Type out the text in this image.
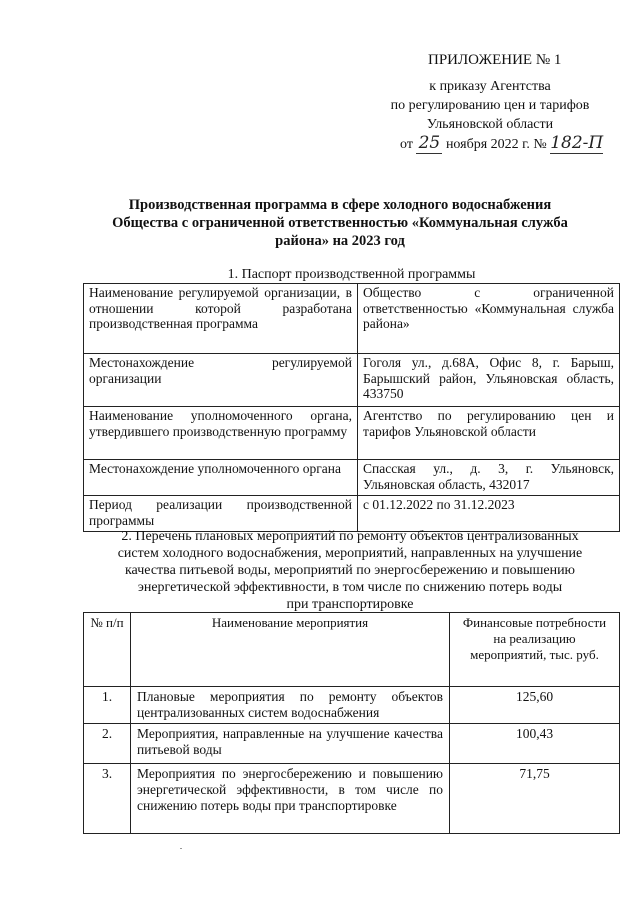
ПРИЛОЖЕНИЕ № 1
к приказу Агентства
по регулированию цен и тарифов
Ульяновской области
от 25 ноября 2022 г. № 182-П
Производственная программа в сфере холодного водоснабжения
Общества с ограниченной ответственностью «Коммунальная служба
района» на 2023 год
1. Паспорт производственной программы
Наименование регулируемой организации, в отношении которой разработана производственная программа	Общество с ограниченной ответственностью «Коммунальная служба района»
Местонахождение регулируемой организации	Гоголя ул., д.68А, Офис 8, г. Барыш, Барышский район, Ульяновская область, 433750
Наименование уполномоченного органа, утвердившего производственную программу	Агентство по регулированию цен и тарифов Ульяновской области
Местонахождение уполномоченного органа	Спасская ул., д. 3, г. Ульяновск, Ульяновская область, 432017
Период реализации производственной программы	с 01.12.2022 по 31.12.2023
2. Перечень плановых мероприятий по ремонту объектов централизованных
систем холодного водоснабжения, мероприятий, направленных на улучшение
качества питьевой воды, мероприятий по энергосбережению и повышению
энергетической эффективности, в том числе по снижению потерь воды
при транспортировке
№ п/п	Наименование мероприятия	Финансовые потребности на реализацию мероприятий, тыс. руб.
1.	Плановые мероприятия по ремонту объектов централизованных систем водоснабжения	125,60
2.	Мероприятия, направленные на улучшение качества питьевой воды	100,43
3.	Мероприятия по энергосбережению и повышению энергетической эффективности, в том числе по снижению потерь воды при транспортировке	71,75
